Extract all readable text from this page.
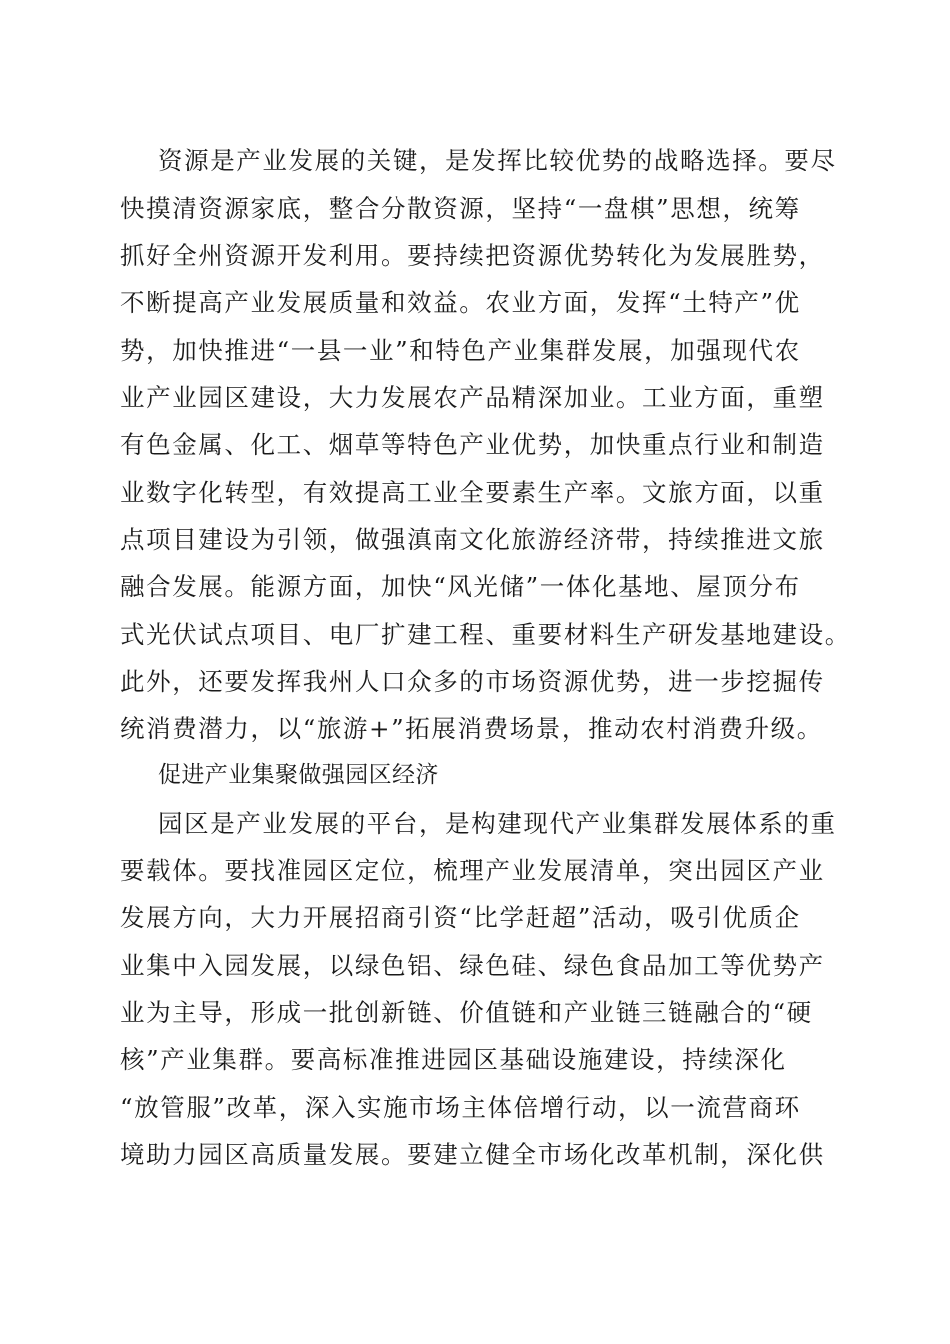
资源是产业发展的关键，是发挥比较优势的战略选择。要尽
快摸清资源家底，整合分散资源，坚持“一盘棋”思想，统筹
抓好全州资源开发利用。要持续把资源优势转化为发展胜势，
不断提高产业发展质量和效益。农业方面，发挥“土特产”优
势，加快推进“一县一业”和特色产业集群发展，加强现代农
业产业园区建设，大力发展农产品精深加业。工业方面，重塑
有色金属、化工、烟草等特色产业优势，加快重点行业和制造
业数字化转型，有效提高工业全要素生产率。文旅方面，以重
点项目建设为引领，做强滇南文化旅游经济带，持续推进文旅
融合发展。能源方面，加快“风光储”一体化基地、屋顶分布
式光伏试点项目、电厂扩建工程、重要材料生产研发基地建设。
此外，还要发挥我州人口众多的市场资源优势，进一步挖掘传
统消费潜力，以“旅游+”拓展消费场景，推动农村消费升级。
促进产业集聚做强园区经济
园区是产业发展的平台，是构建现代产业集群发展体系的重
要载体。要找准园区定位，梳理产业发展清单，突出园区产业
发展方向，大力开展招商引资“比学赶超”活动，吸引优质企
业集中入园发展，以绿色铝、绿色硅、绿色食品加工等优势产
业为主导，形成一批创新链、价值链和产业链三链融合的“硬
核”产业集群。要高标准推进园区基础设施建设，持续深化
“放管服”改革，深入实施市场主体倍增行动，以一流营商环
境助力园区高质量发展。要建立健全市场化改革机制，深化供
